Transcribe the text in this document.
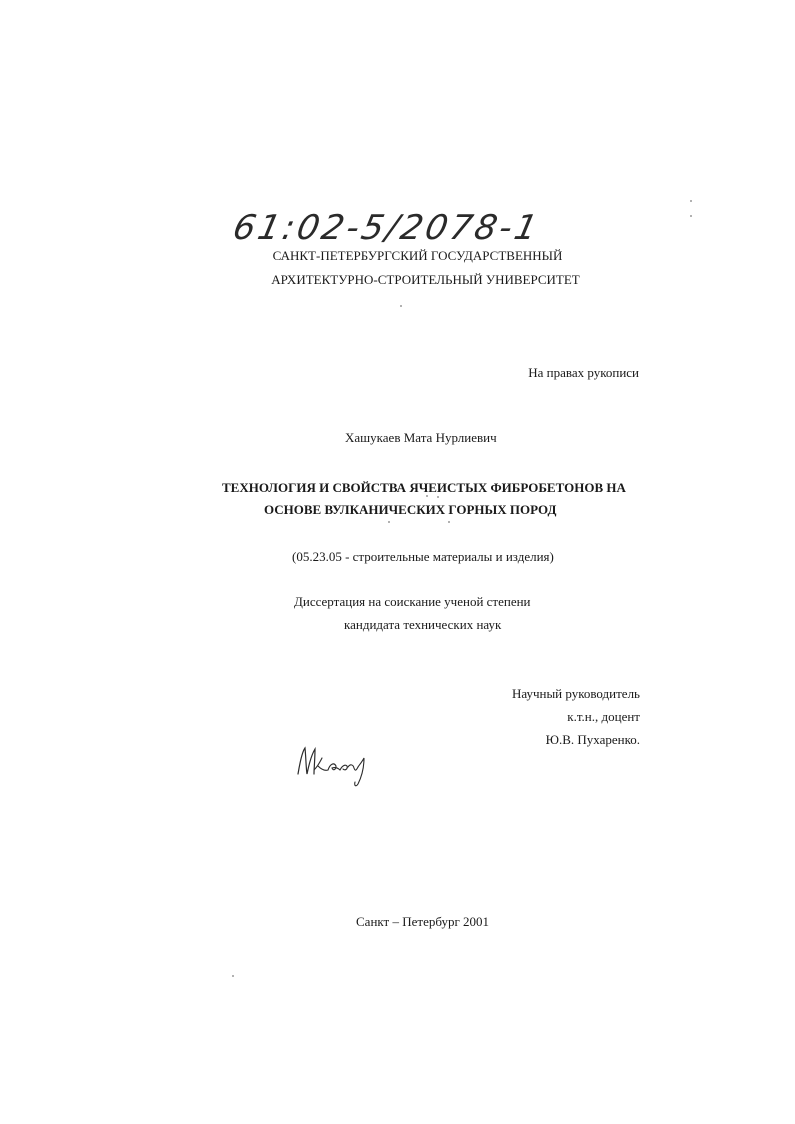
61:02-5/2078-1
САНКТ-ПЕТЕРБУРГСКИЙ ГОСУДАРСТВЕННЫЙ
АРХИТЕКТУРНО-СТРОИТЕЛЬНЫЙ УНИВЕРСИТЕТ
На правах рукописи
Хашукаев Мата Нурлиевич
ТЕХНОЛОГИЯ И СВОЙСТВА ЯЧЕИСТЫХ ФИБРОБЕТОНОВ НА
ОСНОВЕ ВУЛКАНИЧЕСКИХ ГОРНЫХ ПОРОД
(05.23.05 - строительные материалы и изделия)
Диссертация на соискание ученой степени
кандидата технических наук
Научный руководитель
к.т.н., доцент
Ю.В. Пухаренко.
Санкт – Петербург 2001
